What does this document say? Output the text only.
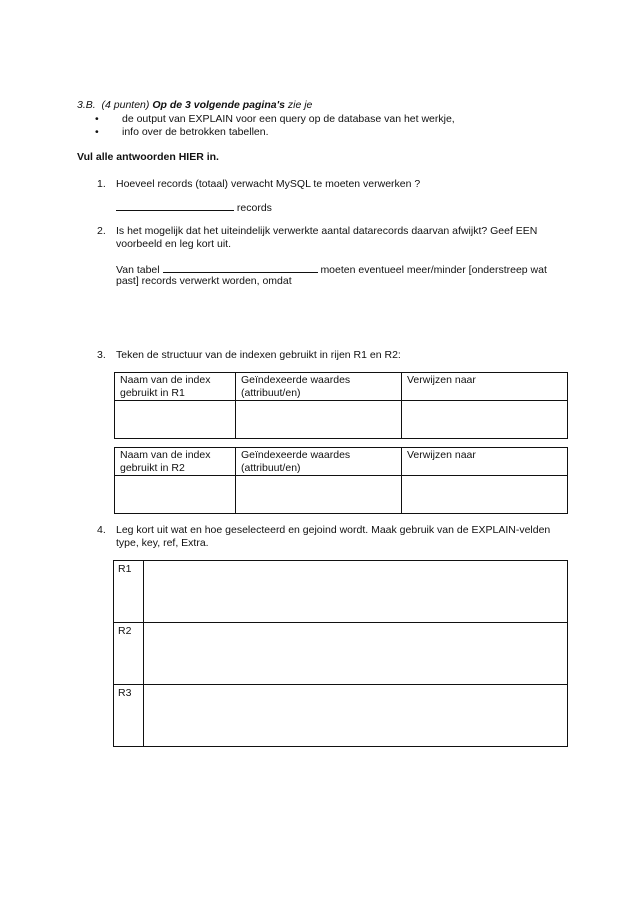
3.B. (4 punten) Op de 3 volgende pagina's zie je
• de output van EXPLAIN voor een query op de database van het werkje,
• info over de betrokken tabellen.
Vul alle antwoorden HIER in.
1. Hoeveel records (totaal) verwacht MySQL te moeten verwerken ?
records
2. Is het mogelijk dat het uiteindelijk verwerkte aantal datarecords daarvan afwijkt? Geef EEN
voorbeeld en leg kort uit.
Van tabel	moeten eventueel meer/minder [onderstreep wat
past] records verwerkt worden, omdat
3. Teken de structuur van de indexen gebruikt in rijen R1 en R2:
Naam van de index gebruikt in R1	Geïndexeerde waardes (attribuut/en)	Verwijzen naar

Naam van de index gebruikt in R2	Geïndexeerde waardes (attribuut/en)	Verwijzen naar

4. Leg kort uit wat en hoe geselecteerd en gejoind wordt. Maak gebruik van de EXPLAIN-velden
type, key, ref, Extra.
R1	
R2	
R3	
